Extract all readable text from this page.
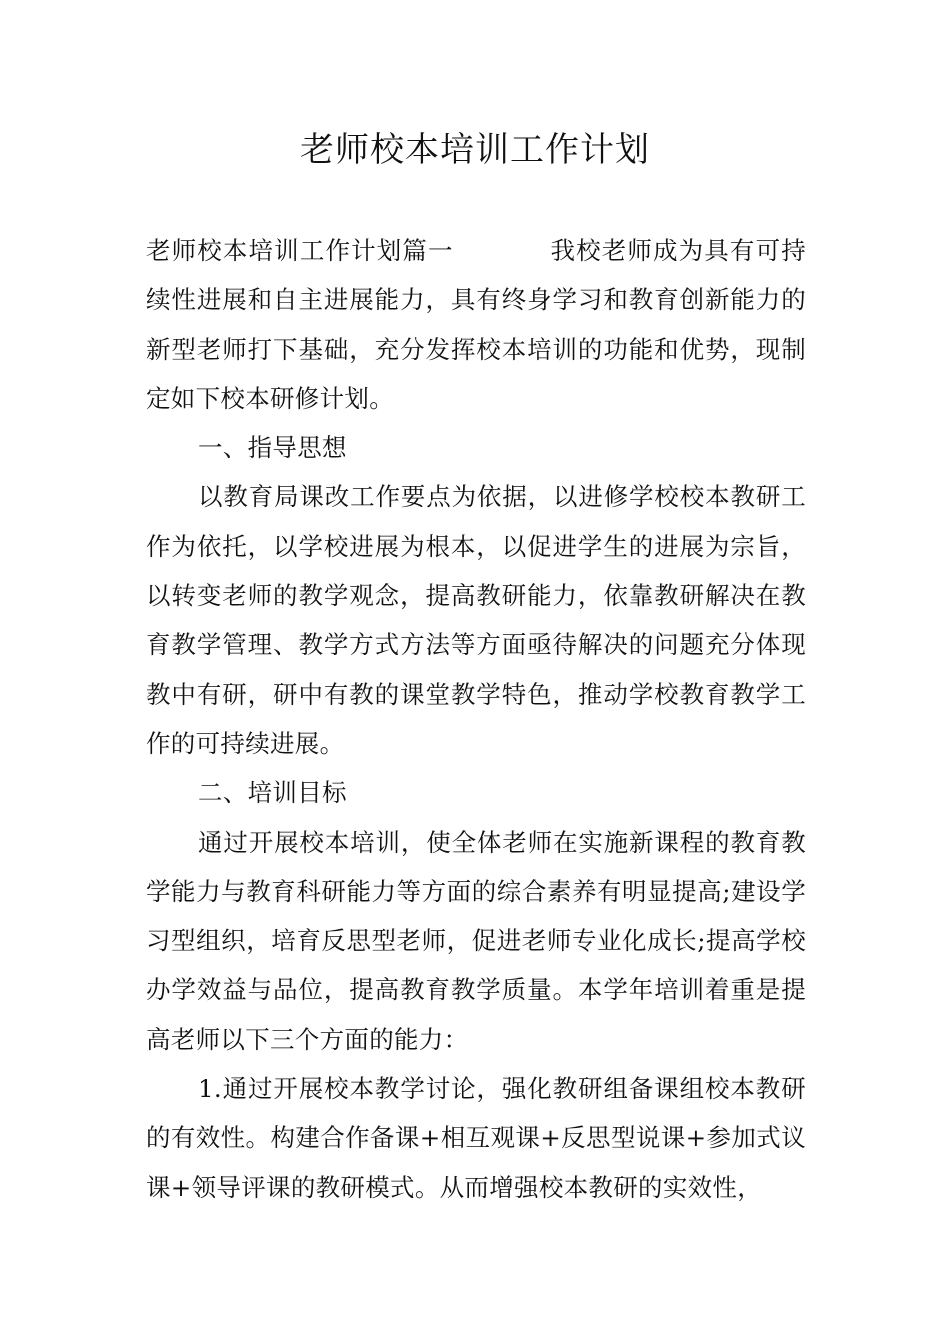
老师校本培训工作计划

老师校本培训工作计划篇一	我校老师成为具有可持续性进展和自主进展能力，具有终身学习和教育创新能力的新型老师打下基础，充分发挥校本培训的功能和优势，现制定如下校本研修计划。

一、指导思想

以教育局课改工作要点为依据，以进修学校校本教研工作为依托，以学校进展为根本，以促进学生的进展为宗旨，以转变老师的教学观念，提高教研能力，依靠教研解决在教育教学管理、教学方式方法等方面亟待解决的问题充分体现教中有研，研中有教的课堂教学特色，推动学校教育教学工作的可持续进展。

二、培训目标

通过开展校本培训，使全体老师在实施新课程的教育教学能力与教育科研能力等方面的综合素养有明显提高;建设学习型组织，培育反思型老师，促进老师专业化成长;提高学校办学效益与品位，提高教育教学质量。本学年培训着重是提高老师以下三个方面的能力：

1.通过开展校本教学讨论，强化教研组备课组校本教研的有效性。构建合作备课+相互观课+反思型说课+参加式议课+领导评课的教研模式。从而增强校本教研的实效性，
